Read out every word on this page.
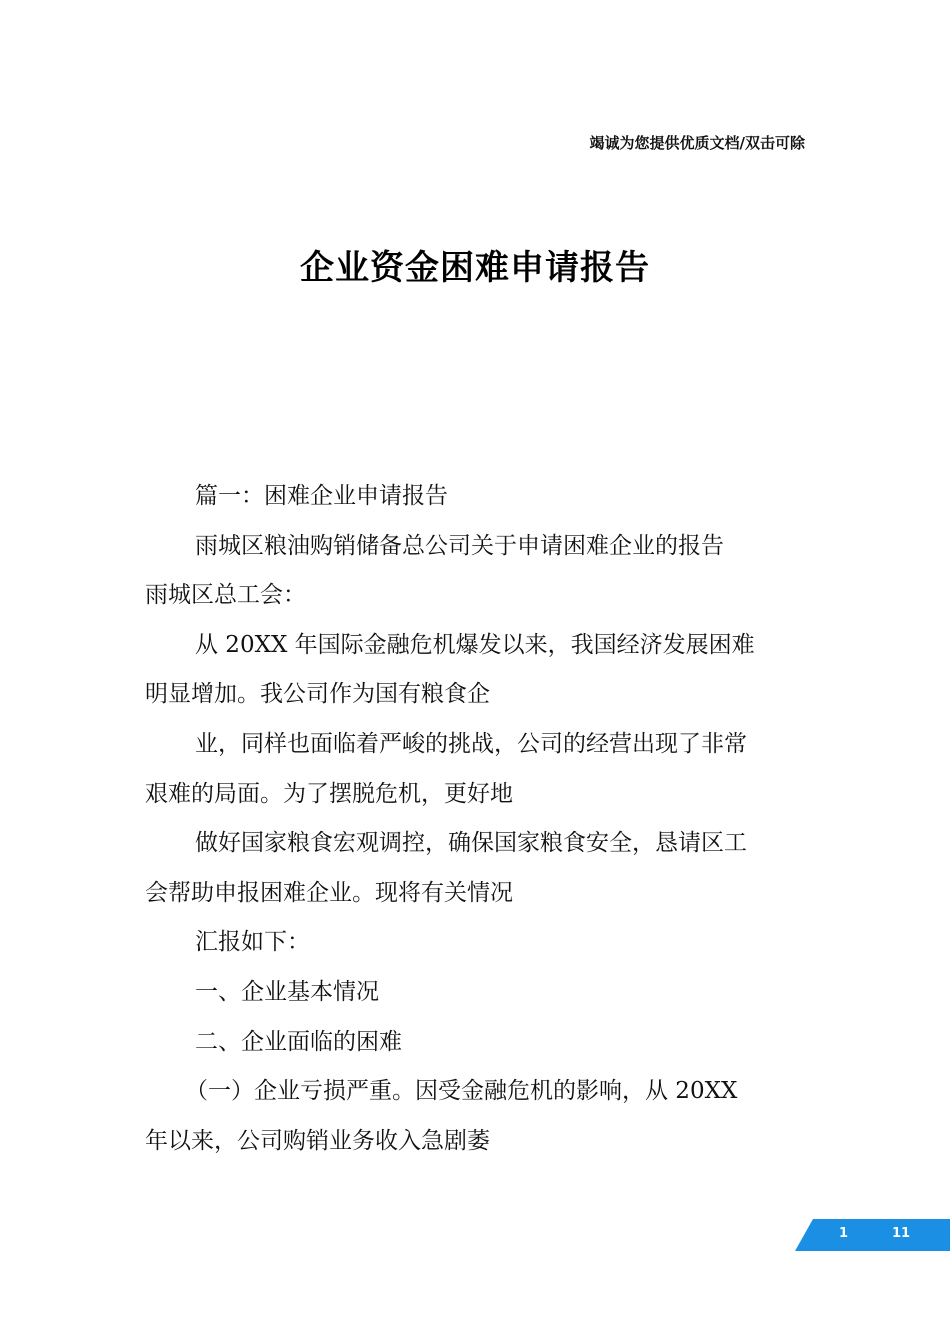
竭诚为您提供优质文档/双击可除
企业资金困难申请报告

篇一：困难企业申请报告

雨城区粮油购销储备总公司关于申请困难企业的报告

雨城区总工会：

从 20XX 年国际金融危机爆发以来，我国经济发展困难

明显增加。我公司作为国有粮食企

业，同样也面临着严峻的挑战，公司的经营出现了非常

艰难的局面。为了摆脱危机，更好地

做好国家粮食宏观调控，确保国家粮食安全，恳请区工

会帮助申报困难企业。现将有关情况

汇报如下：

一、企业基本情况

二、企业面临的困难

（一）企业亏损严重。因受金融危机的影响，从 20XX

年以来，公司购销业务收入急剧萎

1	11
